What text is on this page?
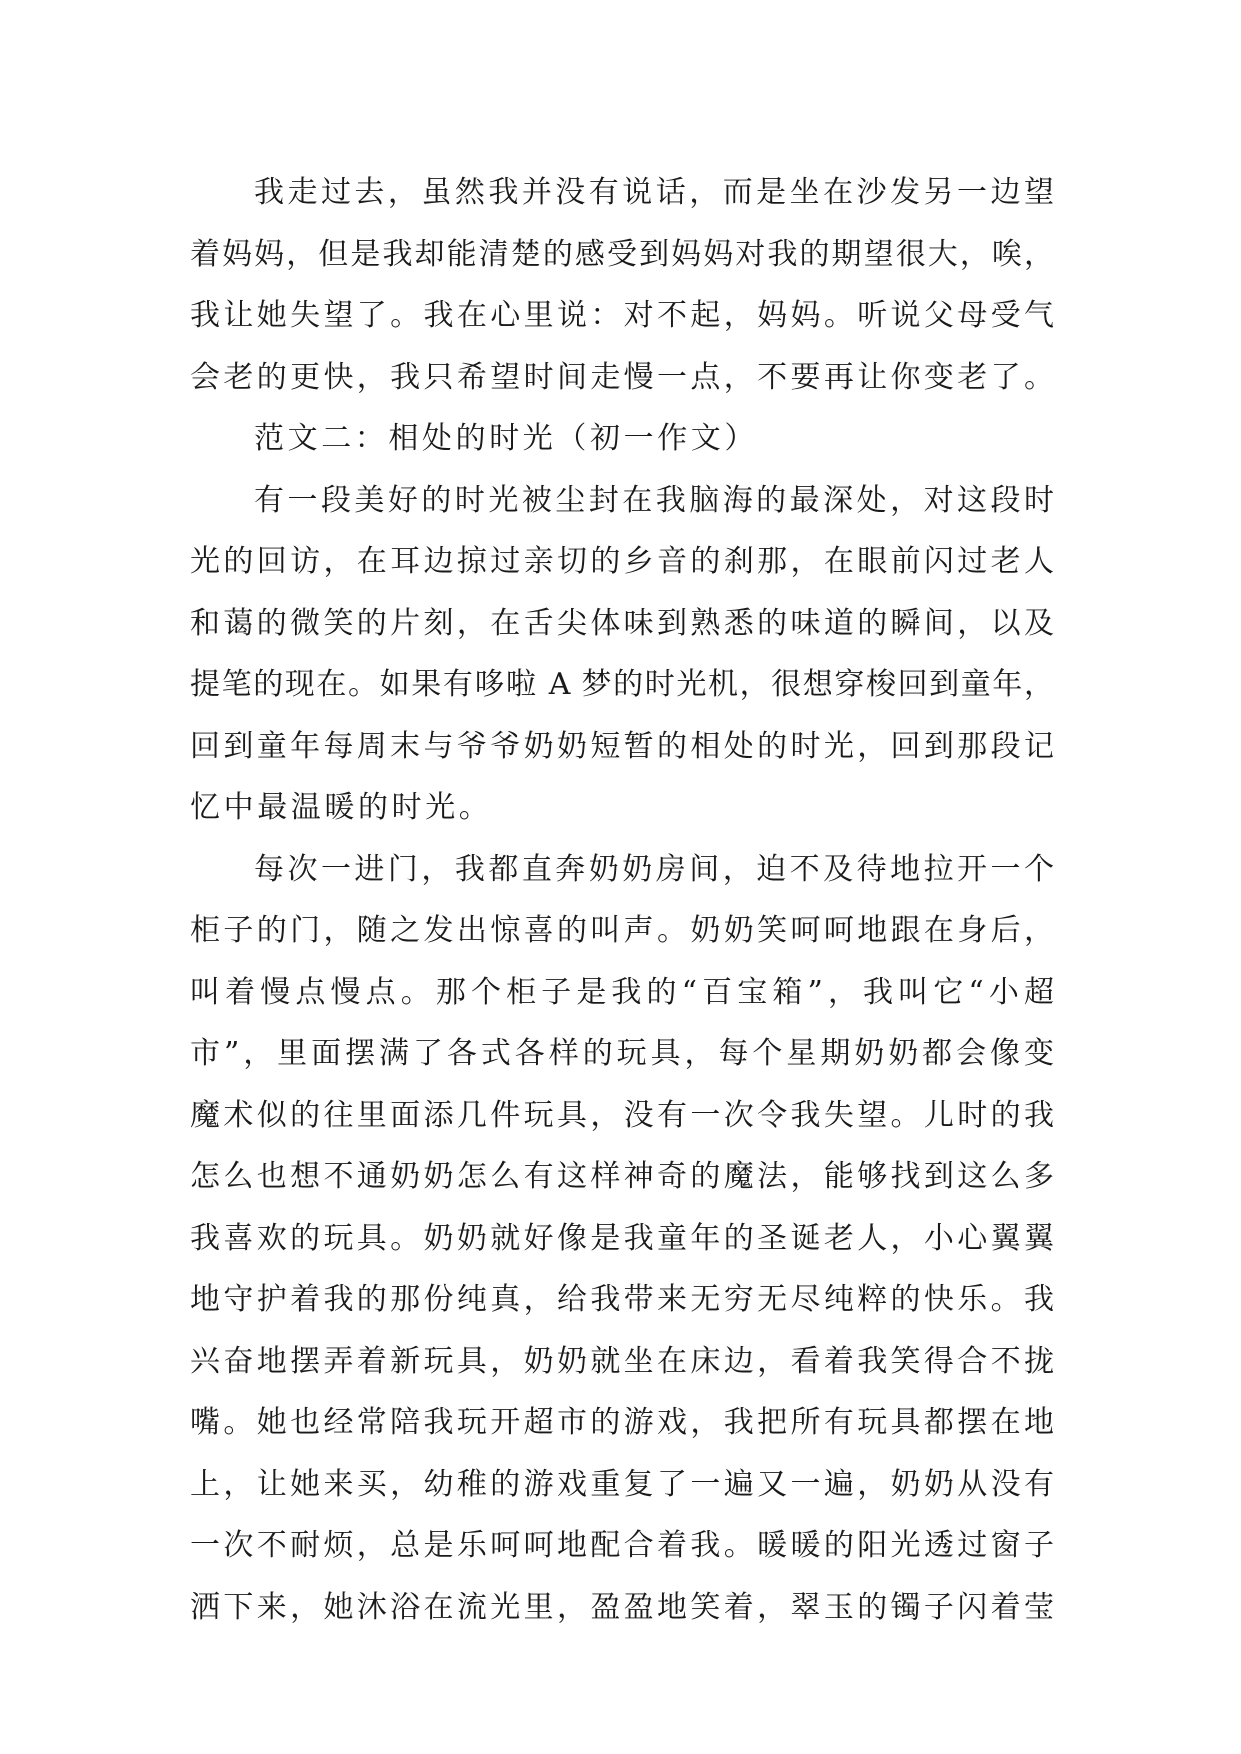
我走过去，虽然我并没有说话，而是坐在沙发另一边望
着妈妈，但是我却能清楚的感受到妈妈对我的期望很大，唉，
我让她失望了。我在心里说：对不起，妈妈。听说父母受气
会老的更快，我只希望时间走慢一点，不要再让你变老了。
范文二：相处的时光（初一作文）
有一段美好的时光被尘封在我脑海的最深处，对这段时
光的回访，在耳边掠过亲切的乡音的刹那，在眼前闪过老人
和蔼的微笑的片刻，在舌尖体味到熟悉的味道的瞬间，以及
提笔的现在。如果有哆啦 A 梦的时光机，很想穿梭回到童年，
回到童年每周末与爷爷奶奶短暂的相处的时光，回到那段记
忆中最温暖的时光。
每次一进门，我都直奔奶奶房间，迫不及待地拉开一个
柜子的门，随之发出惊喜的叫声。奶奶笑呵呵地跟在身后，
叫着慢点慢点。那个柜子是我的“百宝箱”，我叫它“小超
市”，里面摆满了各式各样的玩具，每个星期奶奶都会像变
魔术似的往里面添几件玩具，没有一次令我失望。儿时的我
怎么也想不通奶奶怎么有这样神奇的魔法，能够找到这么多
我喜欢的玩具。奶奶就好像是我童年的圣诞老人，小心翼翼
地守护着我的那份纯真，给我带来无穷无尽纯粹的快乐。我
兴奋地摆弄着新玩具，奶奶就坐在床边，看着我笑得合不拢
嘴。她也经常陪我玩开超市的游戏，我把所有玩具都摆在地
上，让她来买，幼稚的游戏重复了一遍又一遍，奶奶从没有
一次不耐烦，总是乐呵呵地配合着我。暖暖的阳光透过窗子
洒下来，她沐浴在流光里，盈盈地笑着，翠玉的镯子闪着莹
